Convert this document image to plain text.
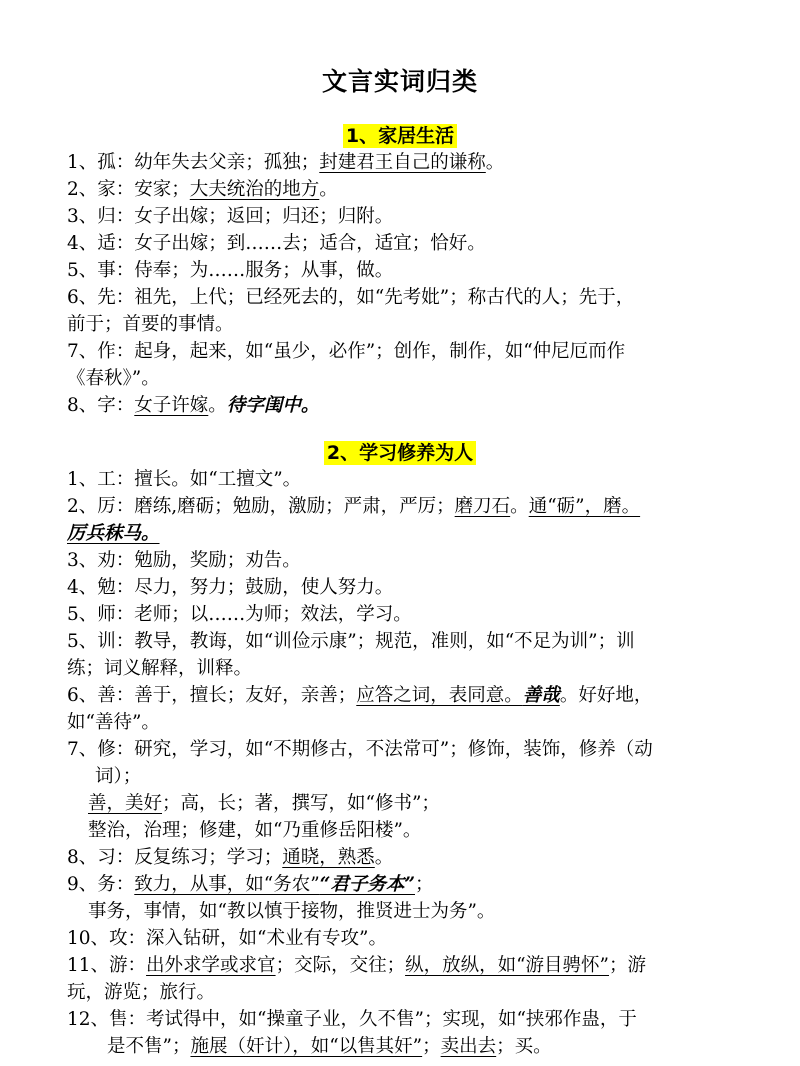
文言实词归类
1、家居生活
1、孤：幼年失去父亲；孤独；封建君王自己的谦称。
2、家：安家；大夫统治的地方。
3、归：女子出嫁；返回；归还；归附。
4、适：女子出嫁；到……去；适合，适宜；恰好。
5、事：侍奉；为……服务；从事，做。
6、先：祖先，上代；已经死去的，如“先考妣”；称古代的人；先于，
前于；首要的事情。
7、作：起身，起来，如“虽少，必作”；创作，制作，如“仲尼厄而作
《春秋》”。
8、字：女子许嫁。待字闺中。
2、学习修养为人
1、工：擅长。如“工擅文”。
2、厉：磨练,磨砺；勉励，激励；严肃，严厉；磨刀石。通“砺”，磨。
厉兵秣马。
3、劝：勉励，奖励；劝告。
4、勉：尽力，努力；鼓励，使人努力。
5、师：老师；以……为师；效法，学习。
5、训：教导，教诲，如“训俭示康”；规范，准则，如“不足为训”；训
练；词义解释，训释。
6、善：善于，擅长；友好，亲善；应答之词，表同意。善哉。好好地，
如“善待”。
7、修：研究，学习，如“不期修古，不法常可”；修饰，装饰，修养（动
词）；
善，美好；高，长；著，撰写，如“修书”；
整治，治理；修建，如“乃重修岳阳楼”。
8、习：反复练习；学习；通晓，熟悉。
9、务：致力，从事，如“务农”“君子务本”；
事务，事情，如“教以慎于接物，推贤进士为务”。
10、攻：深入钻研，如“术业有专攻”。
11、游：出外求学或求官；交际，交往；纵，放纵，如“游目骋怀”；游
玩，游览；旅行。
12、售：考试得中，如“操童子业，久不售”；实现，如“挟邪作蛊，于
是不售”；施展（奸计），如“以售其奸”；卖出去；买。
